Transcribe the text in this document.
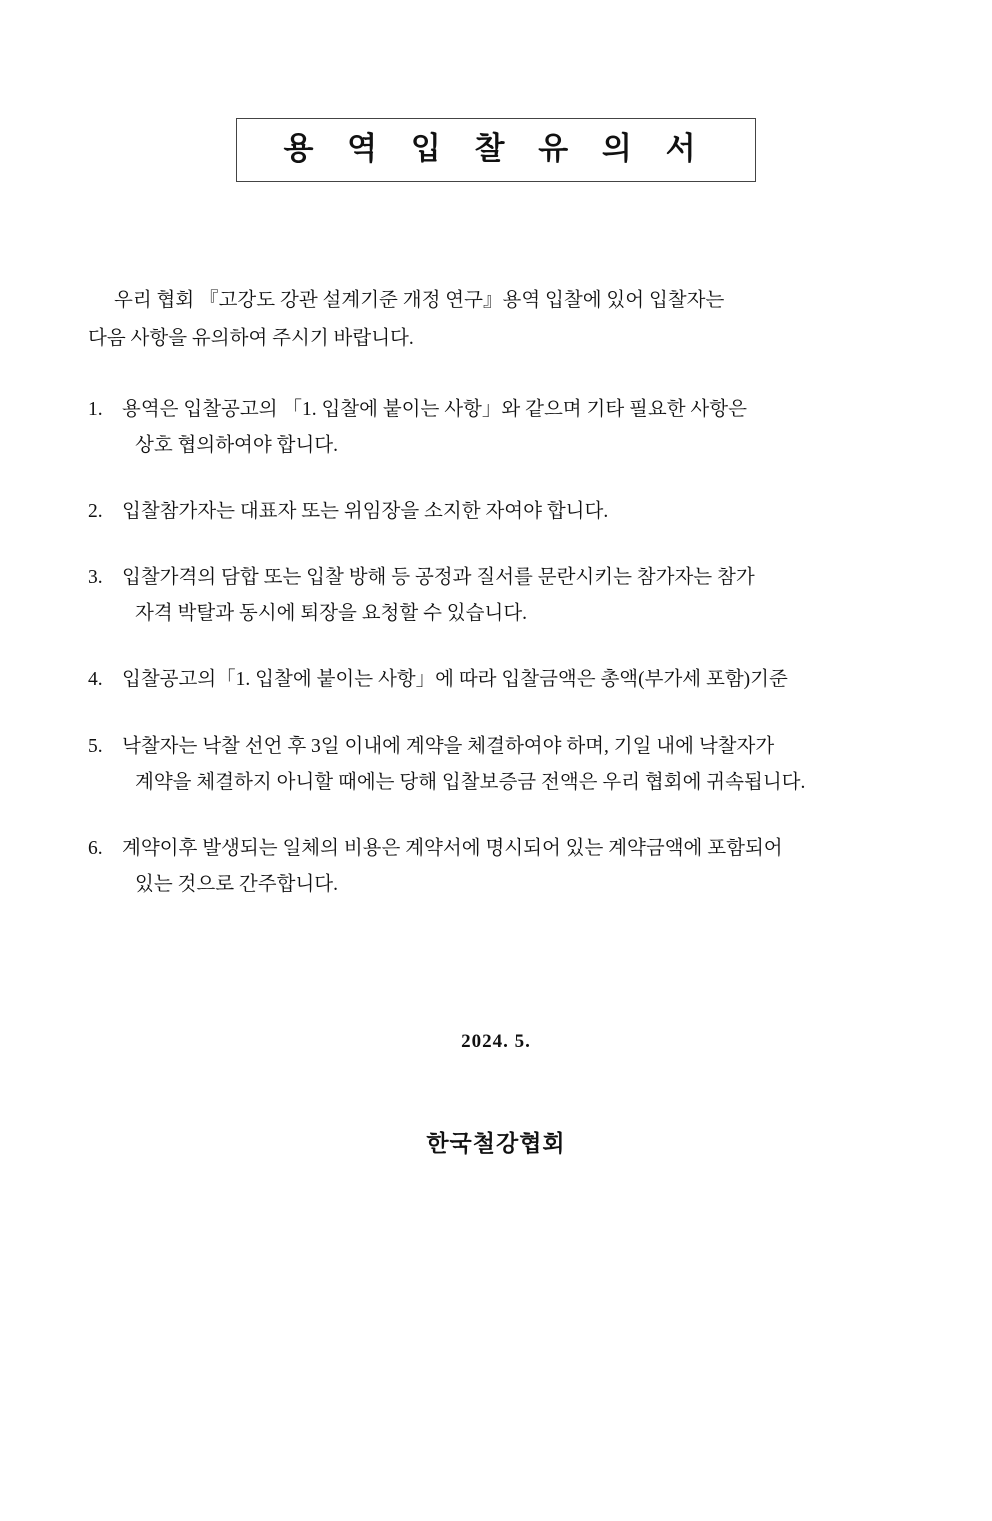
용 역 입 찰 유 의 서
우리 협회 『고강도 강관 설계기준 개정 연구』용역 입찰에 있어 입찰자는
다음 사항을 유의하여 주시기 바랍니다.
1. 용역은 입찰공고의 「1. 입찰에 붙이는 사항」와 같으며 기타 필요한 사항은
상호 협의하여야 합니다.
2. 입찰참가자는 대표자 또는 위임장을 소지한 자여야 합니다.
3. 입찰가격의 담합 또는 입찰 방해 등 공정과 질서를 문란시키는 참가자는 참가
자격 박탈과 동시에 퇴장을 요청할 수 있습니다.
4. 입찰공고의「1. 입찰에 붙이는 사항」에 따라 입찰금액은 총액(부가세 포함)기준
5. 낙찰자는 낙찰 선언 후 3일 이내에 계약을 체결하여야 하며, 기일 내에 낙찰자가
계약을 체결하지 아니할 때에는 당해 입찰보증금 전액은 우리 협회에 귀속됩니다.
6. 계약이후 발생되는 일체의 비용은 계약서에 명시되어 있는 계약금액에 포함되어
있는 것으로 간주합니다.
2024. 5.
한국철강협회
